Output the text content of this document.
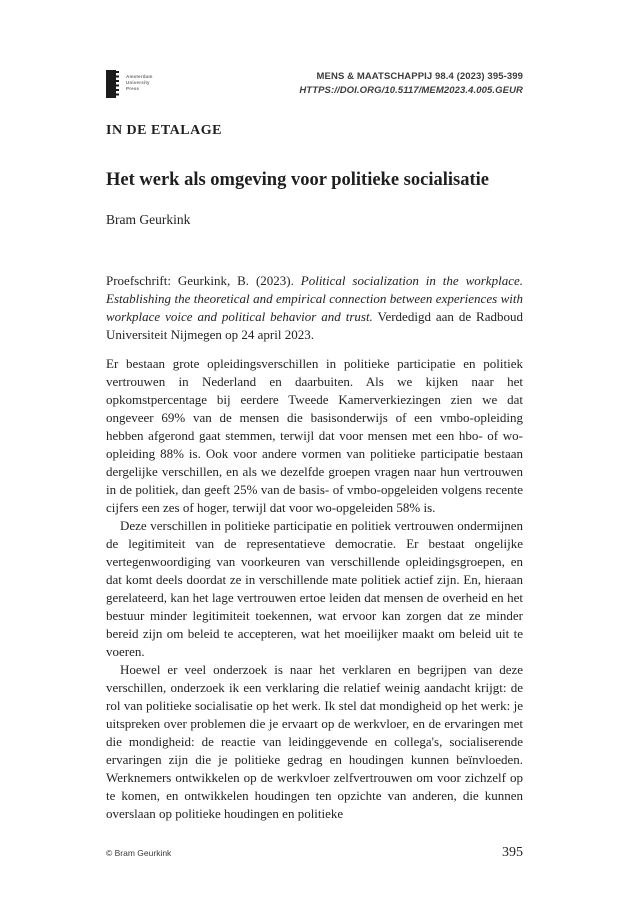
Amsterdam
University
Press
MENS & MAATSCHAPPIJ 98.4 (2023) 395-399
HTTPS://DOI.ORG/10.5117/MEM2023.4.005.GEUR
IN DE ETALAGE
Het werk als omgeving voor politieke socialisatie
Bram Geurkink

Proefschrift: Geurkink, B. (2023). Political socialization in the workplace. Establishing the theoretical and empirical connection between experiences with workplace voice and political behavior and trust. Verdedigd aan de Radboud Universiteit Nijmegen op 24 april 2023.

Er bestaan grote opleidingsverschillen in politieke participatie en politiek vertrouwen in Nederland en daarbuiten. Als we kijken naar het opkomstpercentage bij eerdere Tweede Kamerverkiezingen zien we dat ongeveer 69% van de mensen die basisonderwijs of een vmbo-opleiding hebben afgerond gaat stemmen, terwijl dat voor mensen met een hbo- of wo-opleiding 88% is. Ook voor andere vormen van politieke participatie bestaan dergelijke verschillen, en als we dezelfde groepen vragen naar hun vertrouwen in de politiek, dan geeft 25% van de basis- of vmbo-opgeleiden volgens recente cijfers een zes of hoger, terwijl dat voor wo-opgeleiden 58% is.

Deze verschillen in politieke participatie en politiek vertrouwen ondermijnen de legitimiteit van de representatieve democratie. Er bestaat ongelijke vertegenwoordiging van voorkeuren van verschillende opleidingsgroepen, en dat komt deels doordat ze in verschillende mate politiek actief zijn. En, hieraan gerelateerd, kan het lage vertrouwen ertoe leiden dat mensen de overheid en het bestuur minder legitimiteit toekennen, wat ervoor kan zorgen dat ze minder bereid zijn om beleid te accepteren, wat het moeilijker maakt om beleid uit te voeren.

Hoewel er veel onderzoek is naar het verklaren en begrijpen van deze verschillen, onderzoek ik een verklaring die relatief weinig aandacht krijgt: de rol van politieke socialisatie op het werk. Ik stel dat mondigheid op het werk: je uitspreken over problemen die je ervaart op de werkvloer, en de ervaringen met die mondigheid: de reactie van leidinggevende en collega's, socialiserende ervaringen zijn die je politieke gedrag en houdingen kunnen beïnvloeden. Werknemers ontwikkelen op de werkvloer zelfvertrouwen om voor zichzelf op te komen, en ontwikkelen houdingen ten opzichte van anderen, die kunnen overslaan op politieke houdingen en politieke

© Bram Geurkink	395
